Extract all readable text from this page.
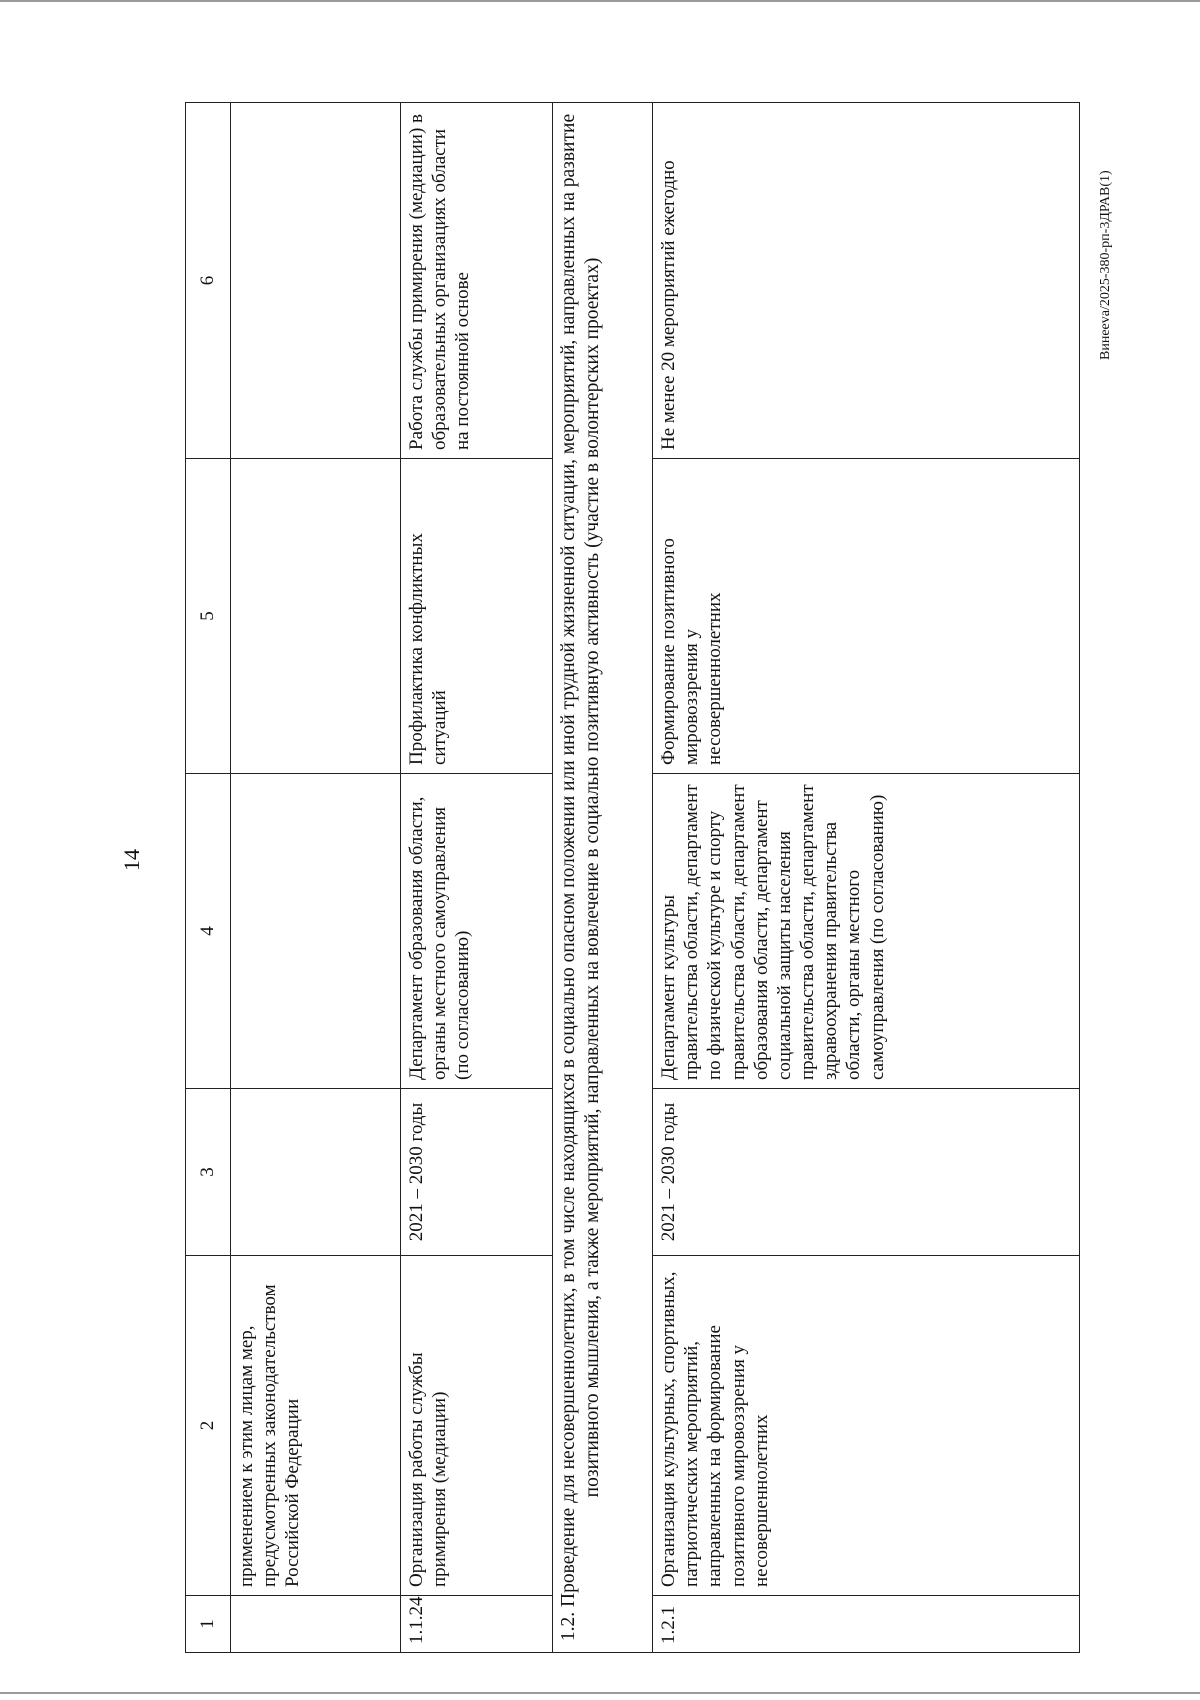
14
Винеevа/2025-380-рп-3ДРАВ(1)
1	2	3	4	5	6
	применением к этим лицам мер, предусмотренных законодательством Российской Федерации				
1.1.24	Организация работы службы примирения (медиации)	2021 – 2030 годы	Департамент образования области, органы местного самоуправления (по согласованию)	Профилактика конфликтных ситуаций	Работа службы примирения (медиации) в образовательных организациях области на постоянной основе
1.2. Проведение для несовершеннолетних, в том числе находящихся в социально опасном положении или иной трудной жизненной ситуации, мероприятий, направленных на развитие позитивного мышления, а также мероприятий, направленных на вовлечение в социально позитивную активность (участие в волонтерских проектах)					
1.2.1	Организация культурных, спортивных, патриотических мероприятий, направленных на формирование позитивного мировоззрения у несовершеннолетних	2021 – 2030 годы	Департамент культуры правительства области, департамент по физической культуре и спорту правительства области, департамент образования области, департамент социальной защиты населения правительства области, департамент здравоохранения правительства области, органы местного самоуправления (по согласованию)	Формирование позитивного мировоззрения у несовершеннолетних	Не менее 20 мероприятий ежегодно
